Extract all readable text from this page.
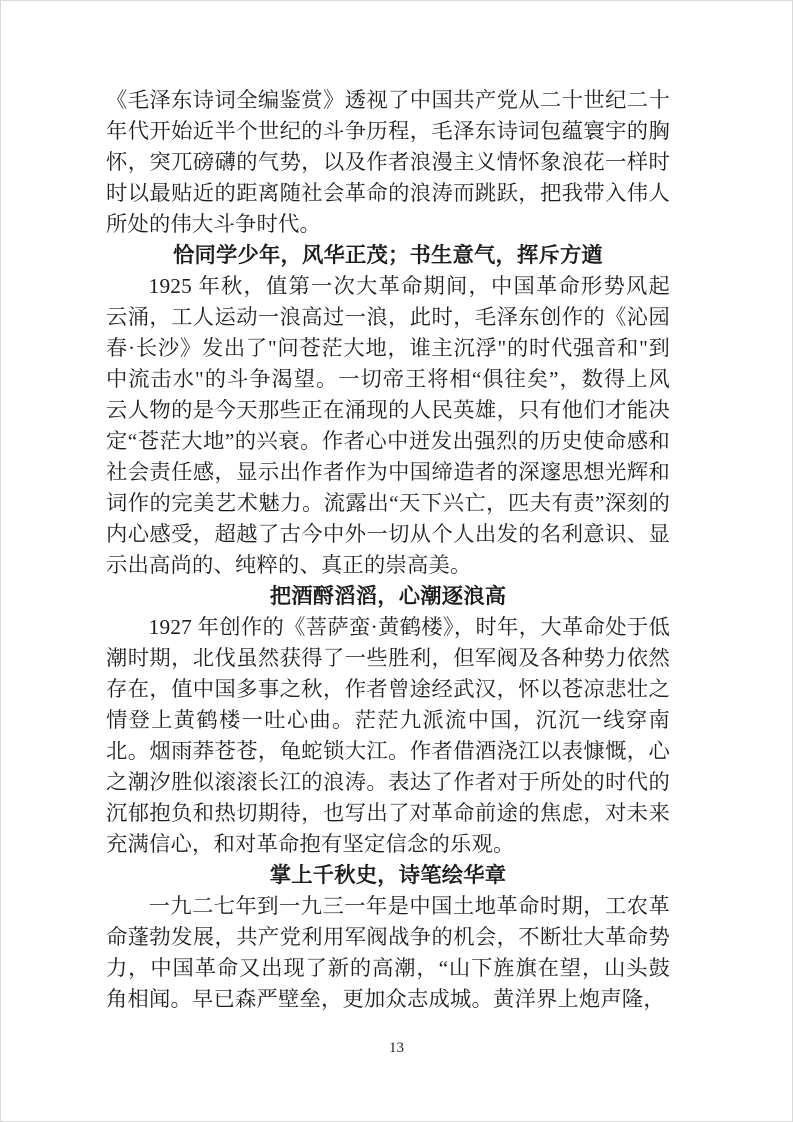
《毛泽东诗词全编鉴赏》透视了中国共产党从二十世纪二十年代开始近半个世纪的斗争历程，毛泽东诗词包蕴寰宇的胸怀，突兀磅礴的气势，以及作者浪漫主义情怀象浪花一样时时以最贴近的距离随社会革命的浪涛而跳跃，把我带入伟人所处的伟大斗争时代。

恰同学少年，风华正茂；书生意气，挥斥方遒

1925 年秋，值第一次大革命期间，中国革命形势风起云涌，工人运动一浪高过一浪，此时，毛泽东创作的《沁园春·长沙》发出了"问苍茫大地，谁主沉浮"的时代强音和"到中流击水"的斗争渴望。一切帝王将相“俱往矣”，数得上风云人物的是今天那些正在涌现的人民英雄，只有他们才能决定“苍茫大地”的兴衰。作者心中迸发出强烈的历史使命感和社会责任感，显示出作者作为中国缔造者的深邃思想光辉和词作的完美艺术魅力。流露出“天下兴亡，匹夫有责”深刻的内心感受，超越了古今中外一切从个人出发的名利意识、显示出高尚的、纯粹的、真正的崇高美。

把酒酹滔滔，心潮逐浪高

1927 年创作的《菩萨蛮·黄鹤楼》，时年，大革命处于低潮时期，北伐虽然获得了一些胜利，但军阀及各种势力依然存在，值中国多事之秋，作者曾途经武汉，怀以苍凉悲壮之情登上黄鹤楼一吐心曲。茫茫九派流中国，沉沉一线穿南北。烟雨莽苍苍，龟蛇锁大江。作者借酒浇江以表慷慨，心之潮汐胜似滚滚长江的浪涛。表达了作者对于所处的时代的沉郁抱负和热切期待，也写出了对革命前途的焦虑，对未来充满信心，和对革命抱有坚定信念的乐观。

掌上千秋史，诗笔绘华章

一九二七年到一九三一年是中国土地革命时期，工农革命蓬勃发展，共产党利用军阀战争的机会，不断壮大革命势力，中国革命又出现了新的高潮，“山下旌旗在望，山头鼓角相闻。早已森严壁垒，更加众志成城。黄洋界上炮声隆，

13
